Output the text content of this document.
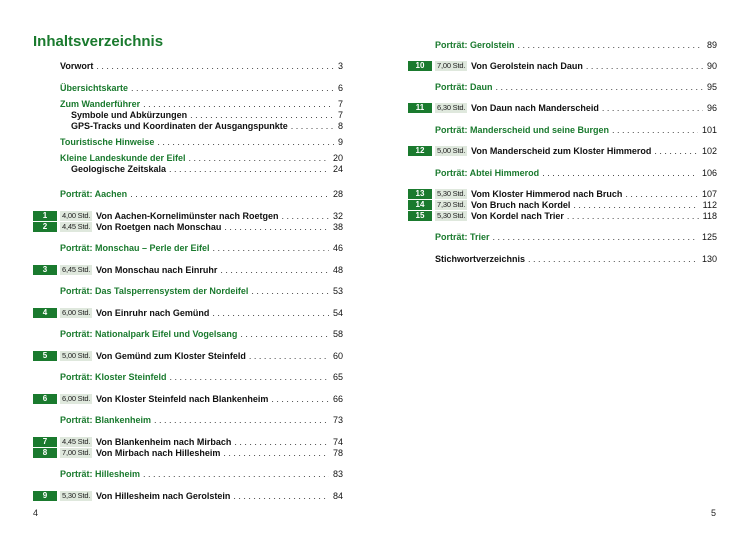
Inhaltsverzeichnis
Vorwort . . .	3
Übersichtskarte . . .	6
Zum Wanderführer . . .	7
Symbole und Abkürzungen . . .	7
GPS-Tracks und Koordinaten der Ausgangspunkte . . .	8
Touristische Hinweise . . .	9
Kleine Landeskunde der Eifel . . .	20
Geologische Zeitskala . . .	24
Porträt: Aachen . . .	28
1	4,00 Std. Von Aachen-Kornelimünster nach Roetgen . . .	32
2	4,45 Std. Von Roetgen nach Monschau . . .	38
Porträt: Monschau – Perle der Eifel . . .	46
3	6,45 Std. Von Monschau nach Einruhr . . .	48
Porträt: Das Talsperrensystem der Nordeifel . . .	53
4	6,00 Std. Von Einruhr nach Gemünd . . .	54
Porträt: Nationalpark Eifel und Vogelsang . . .	58
5	5,00 Std. Von Gemünd zum Kloster Steinfeld . . .	60
Porträt: Kloster Steinfeld . . .	65
6	6,00 Std. Von Kloster Steinfeld nach Blankenheim . . .	66
Porträt: Blankenheim . . .	73
7	4,45 Std. Von Blankenheim nach Mirbach . . .	74
8	7,00 Std. Von Mirbach nach Hillesheim . . .	78
Porträt: Hillesheim . . .	83
9	5,30 Std. Von Hillesheim nach Gerolstein . . .	84
Porträt: Gerolstein . . .	89
10	7,00 Std. Von Gerolstein nach Daun . . .	90
Porträt: Daun . . .	95
11	6,30 Std. Von Daun nach Manderscheid . . .	96
Porträt: Manderscheid und seine Burgen . . .	101
12	5,00 Std. Von Manderscheid zum Kloster Himmerod . . .	102
Porträt: Abtei Himmerod . . .	106
13	5,30 Std. Vom Kloster Himmerod nach Bruch . . .	107
14	7,30 Std. Von Bruch nach Kordel . . .	112
15	5,30 Std. Von Kordel nach Trier . . .	118
Porträt: Trier . . .	125
Stichwortverzeichnis . . .	130
4	5
